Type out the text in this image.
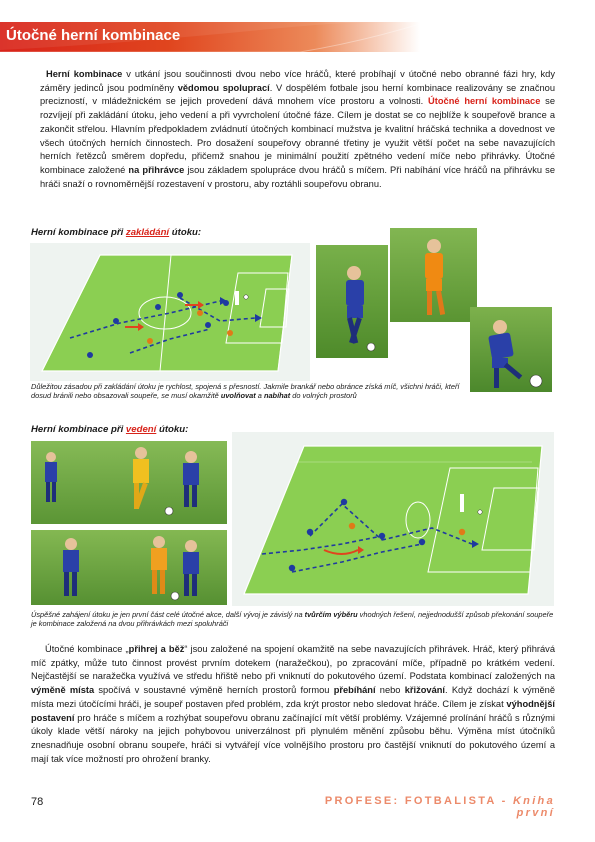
Útočné herní kombinace

Herní kombinace v utkání jsou součinnosti dvou nebo více hráčů, které probíhají v útočné nebo obranné fázi hry, kdy záměry jedinců jsou podmíněny vědomou spoluprací. V dospělém fotbale jsou herní kombinace realizovány se značnou precizností, v mládežnickém se jejich provedení dává mnohem více prostoru a volnosti. Útočné herní kombinace se rozvíjejí při zakládání útoku, jeho vedení a při vyvrcholení útočné fáze. Cílem je dostat se co nejblíže k soupeřově brance a zakončit střelou. Hlavním předpokladem zvládnutí útočných kombinací mužstva je kvalitní hráčská technika a dovednost ve všech útočných herních činnostech. Pro dosažení soupeřovy obranné třetiny je využit větší počet na sebe navazujících herních řetězců směrem dopředu, přičemž snahou je minimální použití zpětného vedení míče nebo přihrávky. Útočné kombinace založené na přihrávce jsou základem spolupráce dvou hráčů s míčem. Při nabíhání více hráčů na přihrávku se hráči snaží o rovnoměrnější rozestavení v prostoru, aby roztáhli soupeřovu obranu.

Herní kombinace při zakládání útoku:
Důležitou zásadou při zakládání útoku je rychlost, spojená s přesností. Jakmile brankář nebo obránce získá míč, všichni hráči, kteří dosud bránili nebo obsazovali soupeře, se musí okamžitě uvolňovat a nabíhat do volných prostorů
Herní kombinace při vedení útoku:
Úspěšné zahájení útoku je jen první část celé útočné akce, další vývoj je závislý na tvůrčím výběru vhodných řešení, nejjednodušší způsob překonání soupeře je kombinace založená na dvou přihrávkách mezi spoluhráči

Útočné kombinace „přihrej a běž“ jsou založené na spojení okamžitě na sebe navazujících přihrávek. Hráč, který přihrává míč zpátky, může tuto činnost provést prvním dotekem (naražečkou), po zpracování míče, případně po krátkém vedení. Nejčastější se naražečka využívá ve středu hřiště nebo při vniknutí do pokutového území. Podstata kombinací založených na výměně místa spočívá v soustavné výměně herních prostorů formou přebíhání nebo křižování. Když dochází k výměně místa mezi útočícími hráči, je soupeř postaven před problém, zda krýt prostor nebo sledovat hráče. Cílem je získat výhodnější postavení pro hráče s míčem a rozhýbat soupeřovu obranu začínající mít větší problémy. Vzájemné prolínání hráčů s různými úkoly klade větší nároky na jejich pohybovou univerzálnost při plynulém měnění způsobu běhu. Výměna míst útočníků znesnadňuje osobní obranu soupeře, hráči si vytvářejí více volnějšího prostoru pro častější vniknutí do pokutového území a mají tak více možností pro ohrožení branky.

78	PROFESE: FOTBALISTA - Kniha první
